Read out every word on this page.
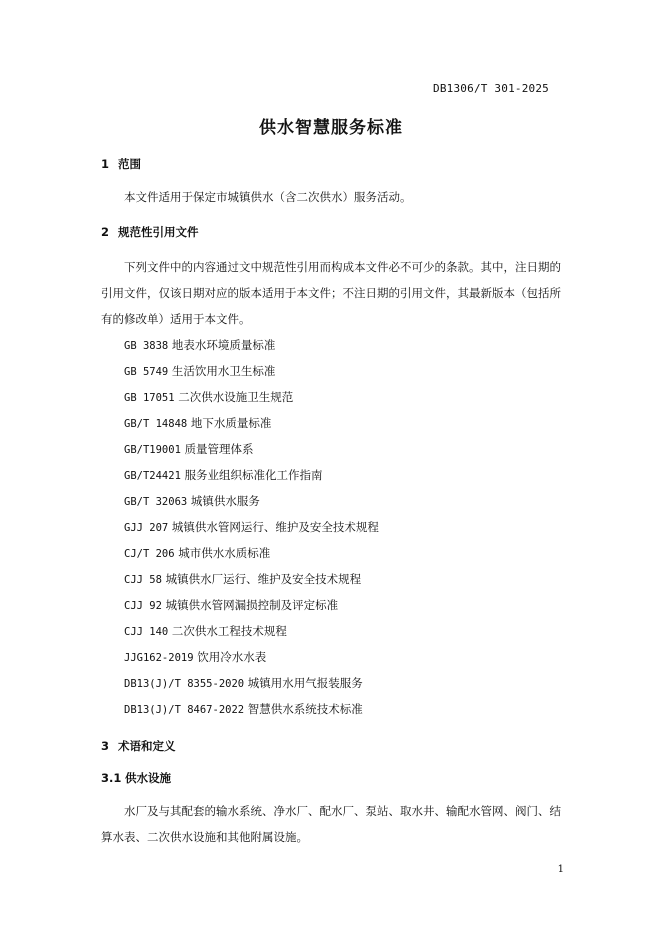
DB1306/T 301-2025
供水智慧服务标准
1 范围

本文件适用于保定市城镇供水（含二次供水）服务活动。

2 规范性引用文件

下列文件中的内容通过文中规范性引用而构成本文件必不可少的条款。其中，注日期的引用文件，仅该日期对应的版本适用于本文件；不注日期的引用文件，其最新版本（包括所有的修改单）适用于本文件。

GB 3838 地表水环境质量标准
GB 5749 生活饮用水卫生标准
GB 17051 二次供水设施卫生规范
GB/T 14848 地下水质量标准
GB/T19001 质量管理体系
GB/T24421 服务业组织标准化工作指南
GB/T 32063 城镇供水服务
GJJ 207 城镇供水管网运行、维护及安全技术规程
CJ/T 206 城市供水水质标准
CJJ 58 城镇供水厂运行、维护及安全技术规程
CJJ 92 城镇供水管网漏损控制及评定标准
CJJ 140 二次供水工程技术规程
JJG162-2019 饮用冷水水表
DB13(J)/T 8355-2020 城镇用水用气报装服务
DB13(J)/T 8467-2022 智慧供水系统技术标准
3 术语和定义
3.1 供水设施

水厂及与其配套的输水系统、净水厂、配水厂、泵站、取水井、输配水管网、阀门、结算水表、二次供水设施和其他附属设施。

1
